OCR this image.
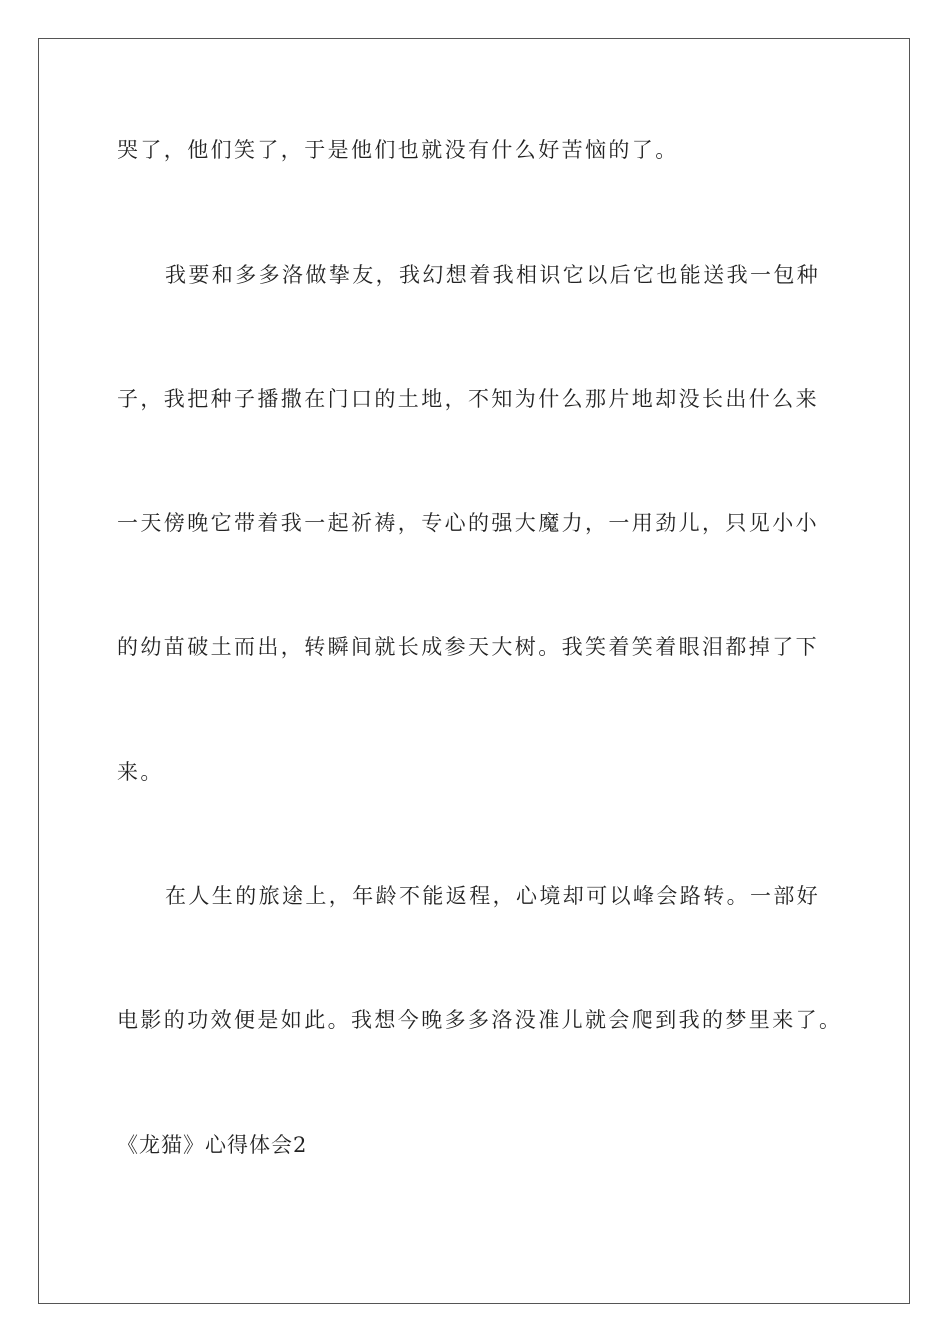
哭了，他们笑了，于是他们也就没有什么好苦恼的了。
我要和多多洛做挚友，我幻想着我相识它以后它也能送我一包种
子，我把种子播撒在门口的土地，不知为什么那片地却没长出什么来
一天傍晚它带着我一起祈祷，专心的强大魔力，一用劲儿，只见小小
的幼苗破土而出，转瞬间就长成参天大树。我笑着笑着眼泪都掉了下
来。
在人生的旅途上，年龄不能返程，心境却可以峰会路转。一部好
电影的功效便是如此。我想今晚多多洛没准儿就会爬到我的梦里来了。
《龙猫》心得体会2
